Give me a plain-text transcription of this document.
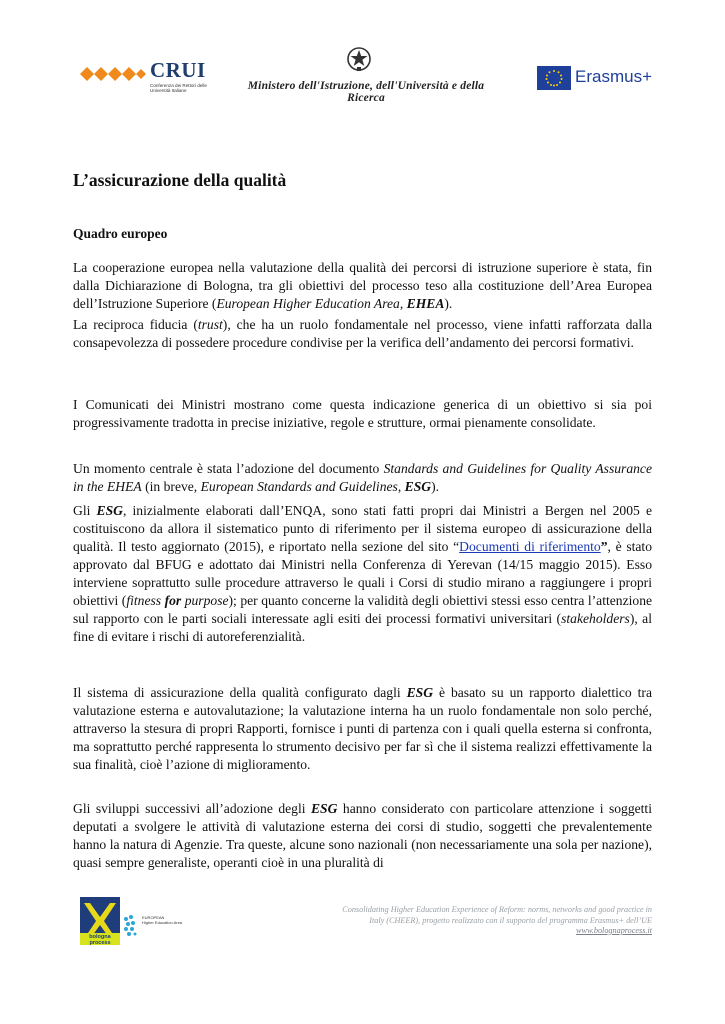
CRUI
Conferenza dei Rettori delle Università Italiane	Ministero dell'Istruzione, dell'Università e della Ricerca
Erasmus+
L’assicurazione della qualità
Quadro europeo

La cooperazione europea nella valutazione della qualità dei percorsi di istruzione superiore è stata, fin dalla Dichiarazione di Bologna, tra gli obiettivi del processo teso alla costituzione dell’Area Europea dell’Istruzione Superiore (European Higher Education Area, EHEA).

La reciproca fiducia (trust), che ha un ruolo fondamentale nel processo, viene infatti rafforzata dalla consapevolezza di possedere procedure condivise per la verifica dell’andamento dei percorsi formativi.

I Comunicati dei Ministri mostrano come questa indicazione generica di un obiettivo si sia poi progressivamente tradotta in precise iniziative, regole e strutture, ormai pienamente consolidate.

Un momento centrale è stata l’adozione del documento Standards and Guidelines for Quality Assurance in the EHEA (in breve, European Standards and Guidelines, ESG).

Gli ESG, inizialmente elaborati dall’ENQA, sono stati fatti propri dai Ministri a Bergen nel 2005 e costituiscono da allora il sistematico punto di riferimento per il sistema europeo di assicurazione della qualità. Il testo aggiornato (2015), e riportato nella sezione del sito “Documenti di riferimento”, è stato approvato dal BFUG e adottato dai Ministri nella Conferenza di Yerevan (14/15 maggio 2015). Esso interviene soprattutto sulle procedure attraverso le quali i Corsi di studio mirano a raggiungere i propri obiettivi (fitness for purpose); per quanto concerne la validità degli obiettivi stessi esso centra l’attenzione sul rapporto con le parti sociali interessate agli esiti dei processi formativi universitari (stakeholders), al fine di evitare i rischi di autoreferenzialità.

Il sistema di assicurazione della qualità configurato dagli ESG è basato su un rapporto dialettico tra valutazione esterna e autovalutazione; la valutazione interna ha un ruolo fondamentale non solo perché, attraverso la stesura di propri Rapporti, fornisce i punti di partenza con i quali quella esterna si confronta, ma soprattutto perché rappresenta lo strumento decisivo per far sì che il sistema realizzi effettivamente la sua finalità, cioè l’azione di miglioramento.

Gli sviluppi successivi all’adozione degli ESG hanno considerato con particolare attenzione i soggetti deputati a svolgere le attività di valutazione esterna dei corsi di studio, soggetti che prevalentemente hanno la natura di Agenzie. Tra queste, alcune sono nazionali (non necessariamente una sola per nazione), quasi sempre generaliste, operanti cioè in una pluralità di

bologna
process
EUROPEAN
Higher Education Area
Consolidating Higher Education Experience of Reform: norms, networks and good practice in
Italy (CHEER), progetto realizzato con il supporto del programma Erasmus+ dell’UE
www.bolognaprocess.it
